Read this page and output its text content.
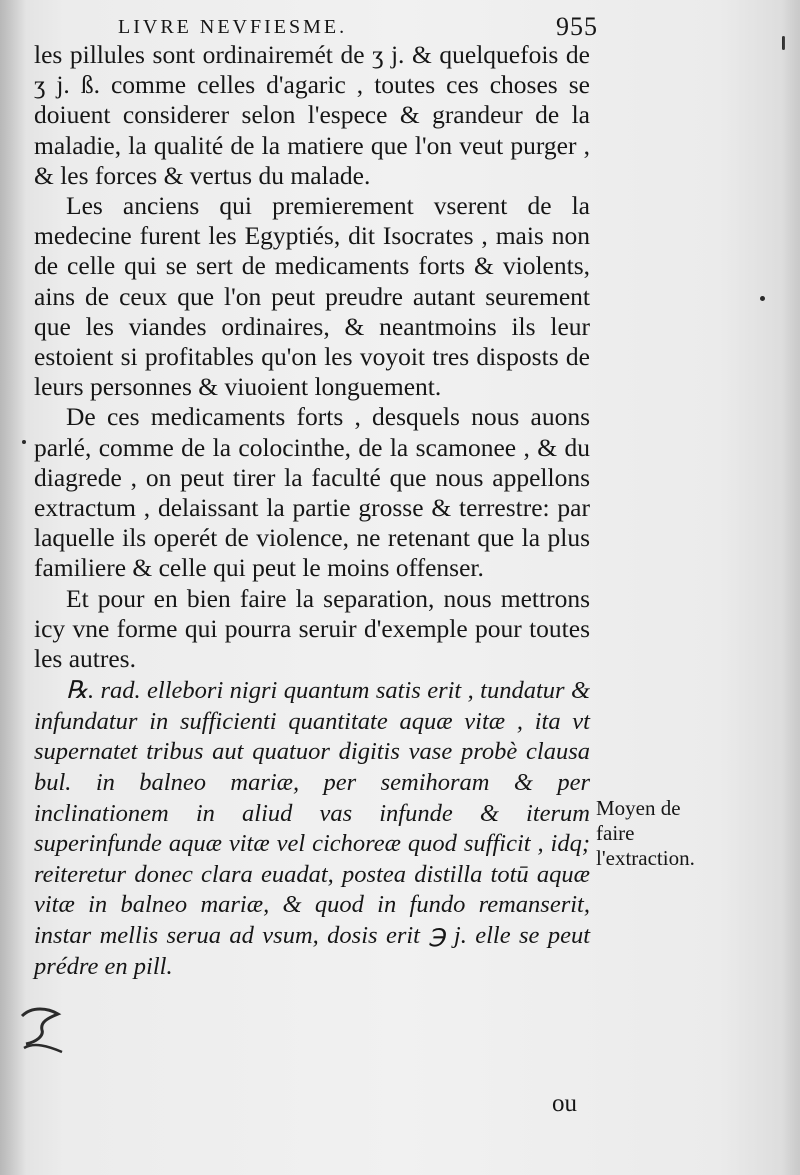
LIVRE NEVFIESME.	955

les pillules sont ordinairemét de ʒ j. & quelquefois de ʒ j. ß. comme celles d'agaric , toutes ces choses se doiuent considerer selon l'espece & grandeur de la maladie, la qualité de la matiere que l'on veut purger , & les forces & vertus du malade.

Les anciens qui premierement vserent de la medecine furent les Egyptiés, dit Isocrates , mais non de celle qui se sert de medicaments forts & violents, ains de ceux que l'on peut preudre autant seurement que les viandes ordinaires, & neantmoins ils leur estoient si profitables qu'on les voyoit tres disposts de leurs personnes & viuoient longuement.

De ces medicaments forts , desquels nous auons parlé, comme de la colocinthe, de la scamonee , & du diagrede , on peut tirer la faculté que nous appellons extractum , delaissant la partie grosse & terrestre: par laquelle ils operét de violence, ne retenant que la plus familiere & celle qui peut le moins offenser.

Et pour en bien faire la separation, nous mettrons icy vne forme qui pourra seruir d'exemple pour toutes les autres.

℞. rad. ellebori nigri quantum satis erit , tundatur & infundatur in sufficienti quantitate aquæ vitæ , ita vt supernatet tribus aut quatuor digitis vase probè clausa bul. in balneo mariæ, per semihoram & per inclinationem in aliud vas infunde & iterum superinfunde aquæ vitæ vel cichoreæ quod sufficit , idq; reiteretur donec clara euadat, postea distilla totū aquæ vitæ in balneo mariæ, & quod in fundo remanserit, instar mellis serua ad vsum, dosis erit ℈ j. elle se peut prédre en pill.

Moyen de faire l'extraction.
ou
